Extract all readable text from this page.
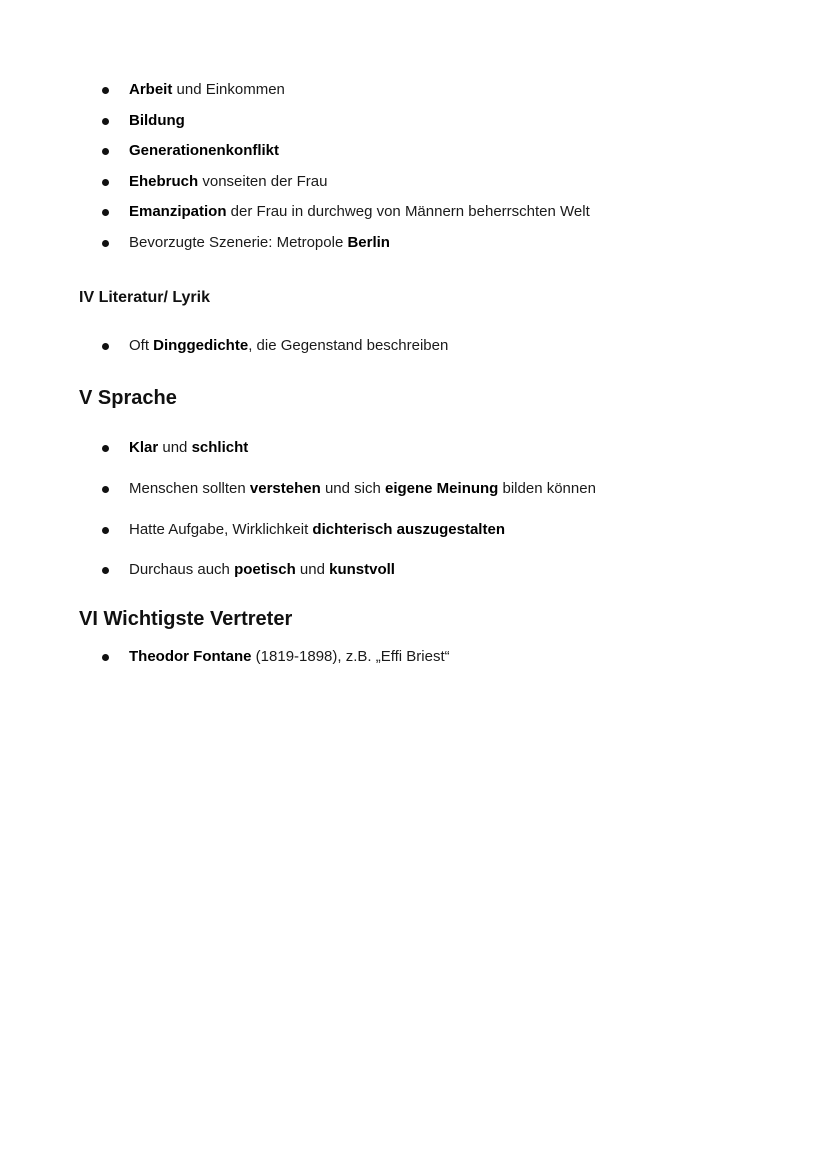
Arbeit und Einkommen
Bildung
Generationenkonflikt
Ehebruch vonseiten der Frau
Emanzipation der Frau in durchweg von Männern beherrschten Welt
Bevorzugte Szenerie: Metropole Berlin
IV Literatur/ Lyrik
Oft Dinggedichte, die Gegenstand beschreiben
V Sprache
Klar und schlicht
Menschen sollten verstehen und sich eigene Meinung bilden können
Hatte Aufgabe, Wirklichkeit dichterisch auszugestalten
Durchaus auch poetisch und kunstvoll
VI Wichtigste Vertreter
Theodor Fontane (1819-1898), z.B. „Effi Briest“
